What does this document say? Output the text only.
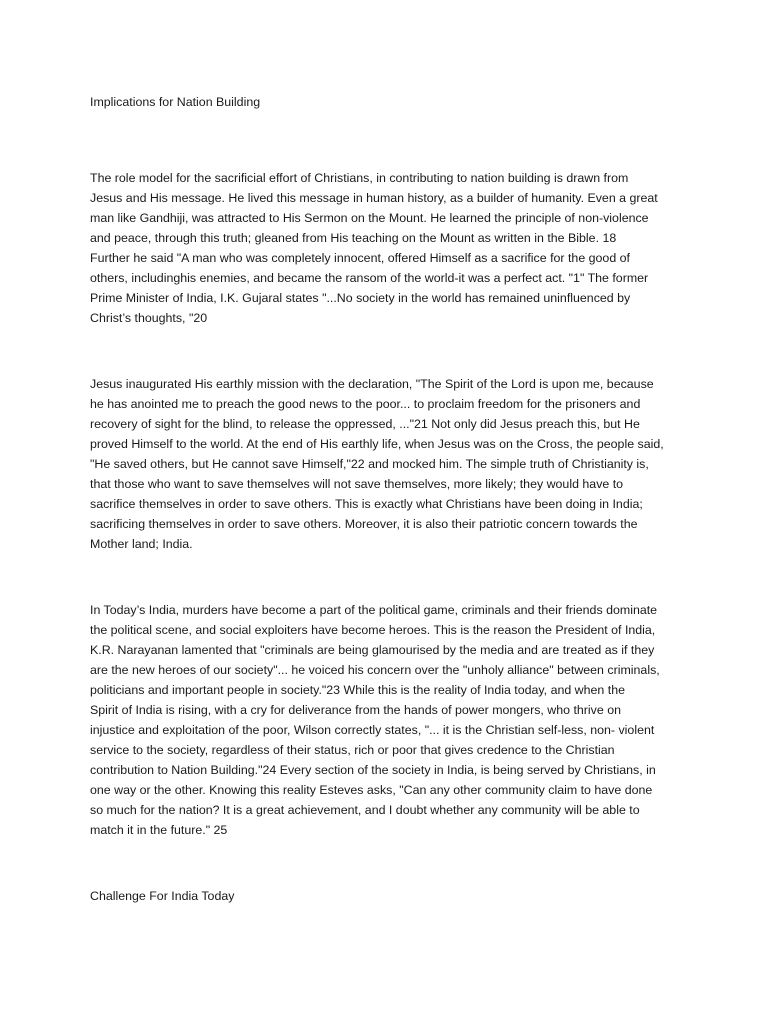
Implications for Nation Building

The role model for the sacrificial effort of Christians, in contributing to nation building is drawn from
Jesus and His message. He lived this message in human history, as a builder of humanity. Even a great
man like Gandhiji, was attracted to His Sermon on the Mount. He learned the principle of non-violence
and peace, through this truth; gleaned from His teaching on the Mount as written in the Bible. 18
Further he said "A man who was completely innocent, offered Himself as a sacrifice for the good of
others, includinghis enemies, and became the ransom of the world-it was a perfect act. "1" The former
Prime Minister of India, I.K. Gujaral states "...No society in the world has remained uninfluenced by
Christ’s thoughts, "20

Jesus inaugurated His earthly mission with the declaration, "The Spirit of the Lord is upon me, because
he has anointed me to preach the good news to the poor... to proclaim freedom for the prisoners and
recovery of sight for the blind, to release the oppressed, ..."21 Not only did Jesus preach this, but He
proved Himself to the world. At the end of His earthly life, when Jesus was on the Cross, the people said,
"He saved others, but He cannot save Himself,"22 and mocked him. The simple truth of Christianity is,
that those who want to save themselves will not save themselves, more likely; they would have to
sacrifice themselves in order to save others. This is exactly what Christians have been doing in India;
sacrificing themselves in order to save others. Moreover, it is also their patriotic concern towards the
Mother land; India.

In Today’s India, murders have become a part of the political game, criminals and their friends dominate
the political scene, and social exploiters have become heroes. This is the reason the President of India,
K.R. Narayanan lamented that "criminals are being glamourised by the media and are treated as if they
are the new heroes of our society"... he voiced his concern over the "unholy alliance" between criminals,
politicians and important people in society."23 While this is the reality of India today, and when the
Spirit of India is rising, with a cry for deliverance from the hands of power mongers, who thrive on
injustice and exploitation of the poor, Wilson correctly states, "... it is the Christian self-less, non- violent
service to the society, regardless of their status, rich or poor that gives credence to the Christian
contribution to Nation Building."24 Every section of the society in India, is being served by Christians, in
one way or the other. Knowing this reality Esteves asks, "Can any other community claim to have done
so much for the nation? It is a great achievement, and I doubt whether any community will be able to
match it in the future." 25

Challenge For India Today
